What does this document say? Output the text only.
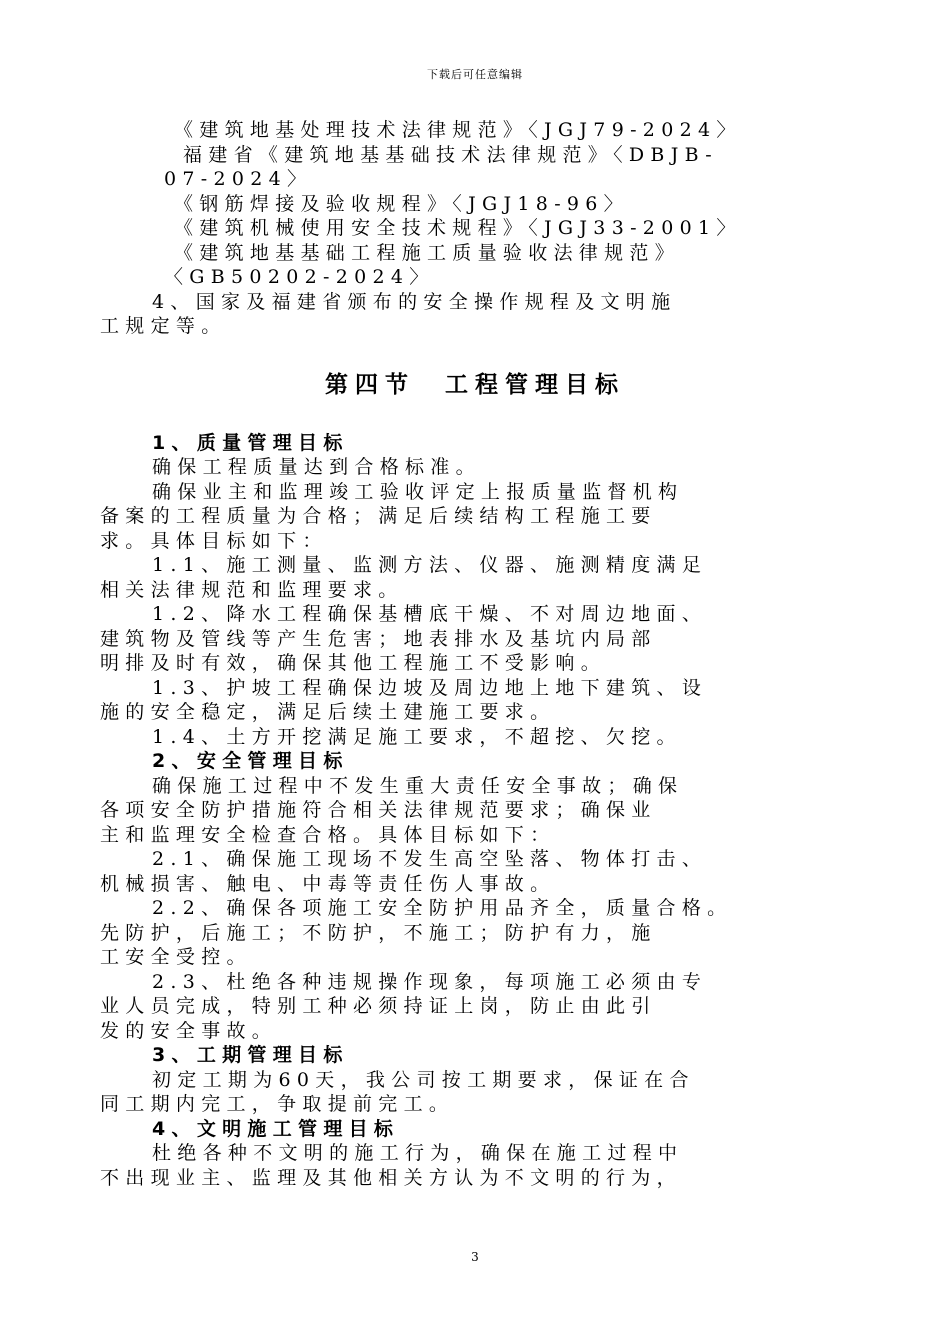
下载后可任意编辑
《建筑地基处理技术法律规范》〈JGJ79-2024〉
福建省《建筑地基基础技术法律规范》〈DBJB-
07-2024〉
《钢筋焊接及验收规程》〈JGJ18-96〉
《建筑机械使用安全技术规程》〈JGJ33-2001〉
《建筑地基基础工程施工质量验收法律规范》
〈GB50202-2024〉
4、国家及福建省颁布的安全操作规程及文明施
工规定等。
第四节　工程管理目标
1、质量管理目标
确保工程质量达到合格标准。
确保业主和监理竣工验收评定上报质量监督机构
备案的工程质量为合格；满足后续结构工程施工要
求。具体目标如下：
1.1、施工测量、监测方法、仪器、施测精度满足
相关法律规范和监理要求。
1.2、降水工程确保基槽底干燥、不对周边地面、
建筑物及管线等产生危害；地表排水及基坑内局部
明排及时有效，确保其他工程施工不受影响。
1.3、护坡工程确保边坡及周边地上地下建筑、设
施的安全稳定，满足后续土建施工要求。
1.4、土方开挖满足施工要求，不超挖、欠挖。
2、安全管理目标
确保施工过程中不发生重大责任安全事故；确保
各项安全防护措施符合相关法律规范要求；确保业
主和监理安全检查合格。具体目标如下：
2.1、确保施工现场不发生高空坠落、物体打击、
机械损害、触电、中毒等责任伤人事故。
2.2、确保各项施工安全防护用品齐全，质量合格。
先防护，后施工；不防护，不施工；防护有力，施
工安全受控。
2.3、杜绝各种违规操作现象，每项施工必须由专
业人员完成，特别工种必须持证上岗，防止由此引
发的安全事故。
3、工期管理目标
初定工期为60天，我公司按工期要求，保证在合
同工期内完工，争取提前完工。
4、文明施工管理目标
杜绝各种不文明的施工行为，确保在施工过程中
不出现业主、监理及其他相关方认为不文明的行为，
3
